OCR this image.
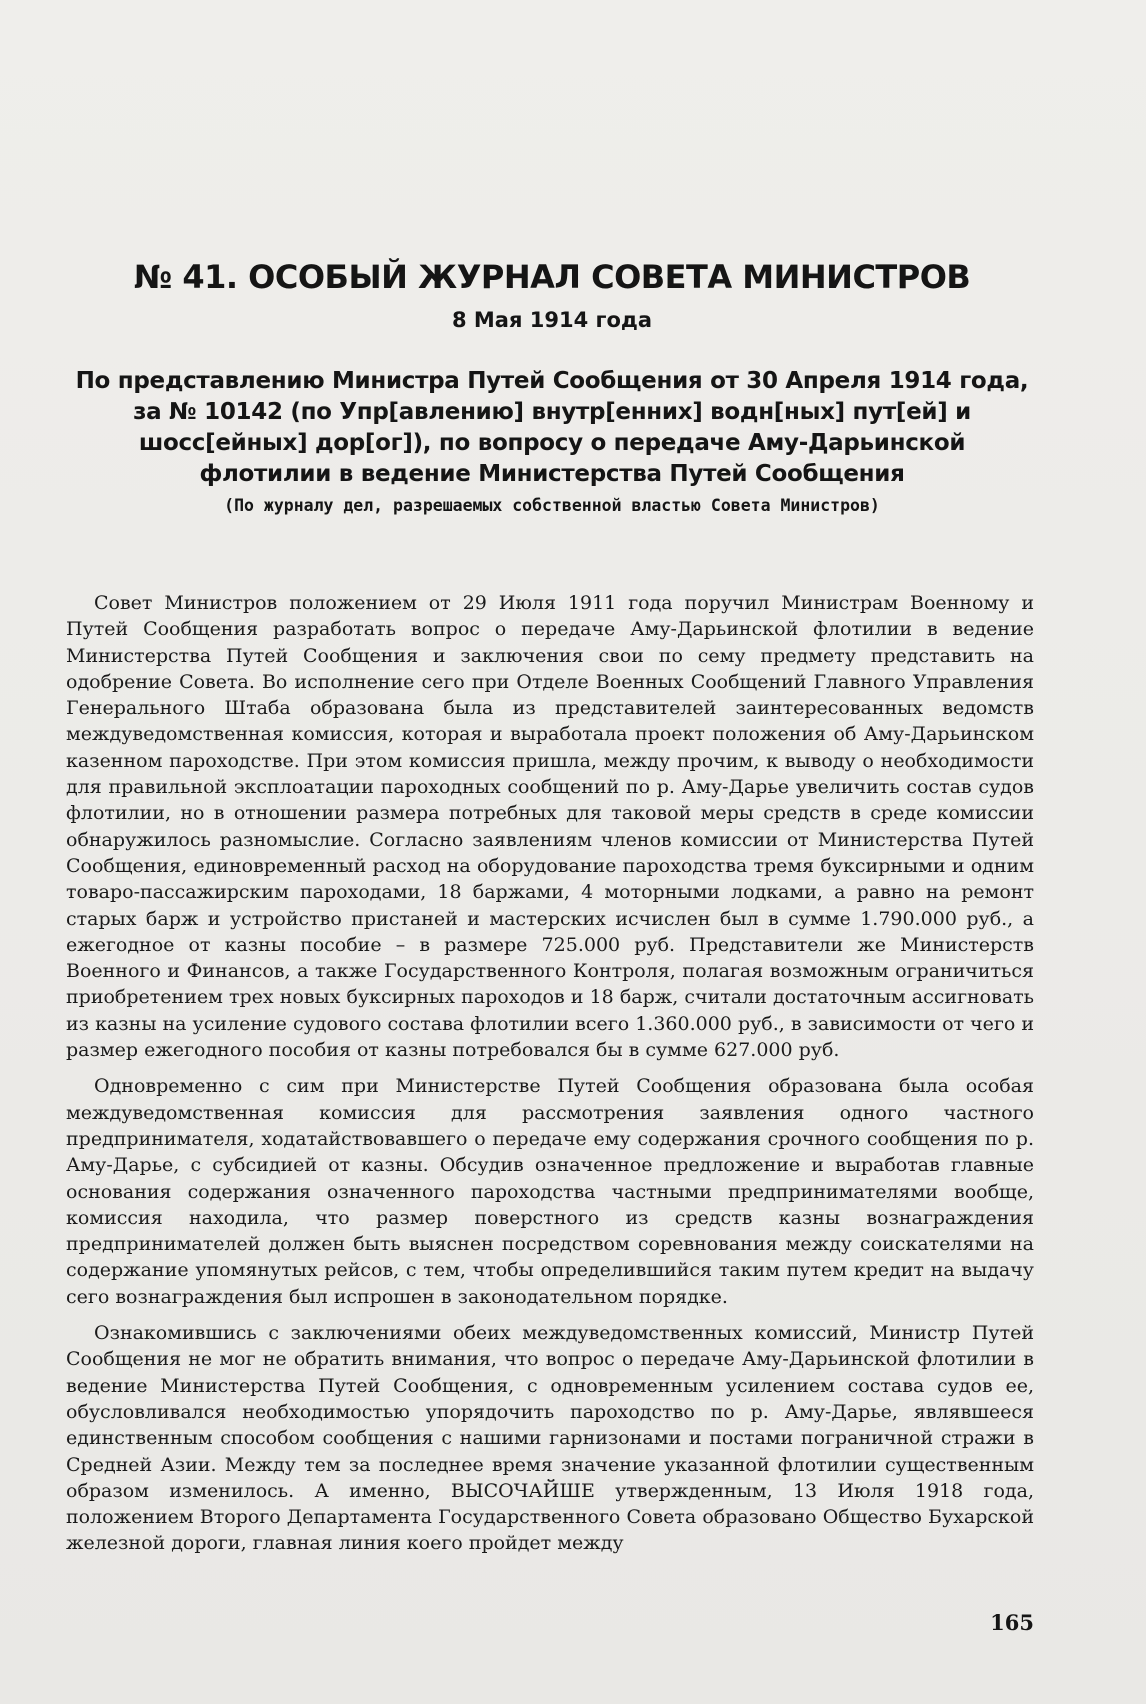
№ 41. ОСОБЫЙ ЖУРНАЛ СОВЕТА МИНИСТРОВ
8 Мая 1914 года
По представлению Министра Путей Сообщения от 30 Апреля 1914 года, за № 10142 (по Упр[авлению] внутр[енних] водн[ных] пут[ей] и шосс[ейных] дор[ог]), по вопросу о передаче Аму-Дарьинской флотилии в ведение Министерства Путей Сообщения
(По журналу дел, разрешаемых собственной властью Совета Министров)

Совет Министров положением от 29 Июля 1911 года поручил Министрам Военному и Путей Сообщения разработать вопрос о передаче Аму-Дарьинской флотилии в ведение Министерства Путей Сообщения и заключения свои по сему предмету представить на одобрение Совета. Во исполнение сего при Отделе Военных Сообщений Главного Управления Генерального Штаба образована была из представителей заинтересованных ведомств междуведомственная комиссия, которая и выработала проект положения об Аму-Дарьинском казенном пароходстве. При этом комиссия пришла, между прочим, к выводу о необходимости для правильной эксплоатации пароходных сообщений по р. Аму-Дарье увеличить состав судов флотилии, но в отношении размера потребных для таковой меры средств в среде комиссии обнаружилось разномыслие. Согласно заявлениям членов комиссии от Министерства Путей Сообщения, единовременный расход на оборудование пароходства тремя буксирными и одним товаро-пассажирским пароходами, 18 баржами, 4 моторными лодками, а равно на ремонт старых барж и устройство пристаней и мастерских исчислен был в сумме 1.790.000 руб., а ежегодное от казны пособие – в размере 725.000 руб. Представители же Министерств Военного и Финансов, а также Государственного Контроля, полагая возможным ограничиться приобретением трех новых буксирных пароходов и 18 барж, считали достаточным ассигновать из казны на усиление судового состава флотилии всего 1.360.000 руб., в зависимости от чего и размер ежегодного пособия от казны потребовался бы в сумме 627.000 руб.

Одновременно с сим при Министерстве Путей Сообщения образована была особая междуведомственная комиссия для рассмотрения заявления одного частного предпринимателя, ходатайствовавшего о передаче ему содержания срочного сообщения по р. Аму-Дарье, с субсидией от казны. Обсудив означенное предложение и выработав главные основания содержания означенного пароходства частными предпринимателями вообще, комиссия находила, что размер поверстного из средств казны вознаграждения предпринимателей должен быть выяснен посредством соревнования между соискателями на содержание упомянутых рейсов, с тем, чтобы определившийся таким путем кредит на выдачу сего вознаграждения был испрошен в законодательном порядке.

Ознакомившись с заключениями обеих междуведомственных комиссий, Министр Путей Сообщения не мог не обратить внимания, что вопрос о передаче Аму-Дарьинской флотилии в ведение Министерства Путей Сообщения, с одновременным усилением состава судов ее, обусловливался необходимостью упорядочить пароходство по р. Аму-Дарье, являвшееся единственным способом сообщения с нашими гарнизонами и постами пограничной стражи в Средней Азии. Между тем за последнее время значение указанной флотилии существенным образом изменилось. А именно, ВЫСОЧАЙШЕ утвержденным, 13 Июля 1918 года, положением Второго Департамента Государственного Совета образовано Общество Бухарской железной дороги, главная линия коего пройдет между

165
